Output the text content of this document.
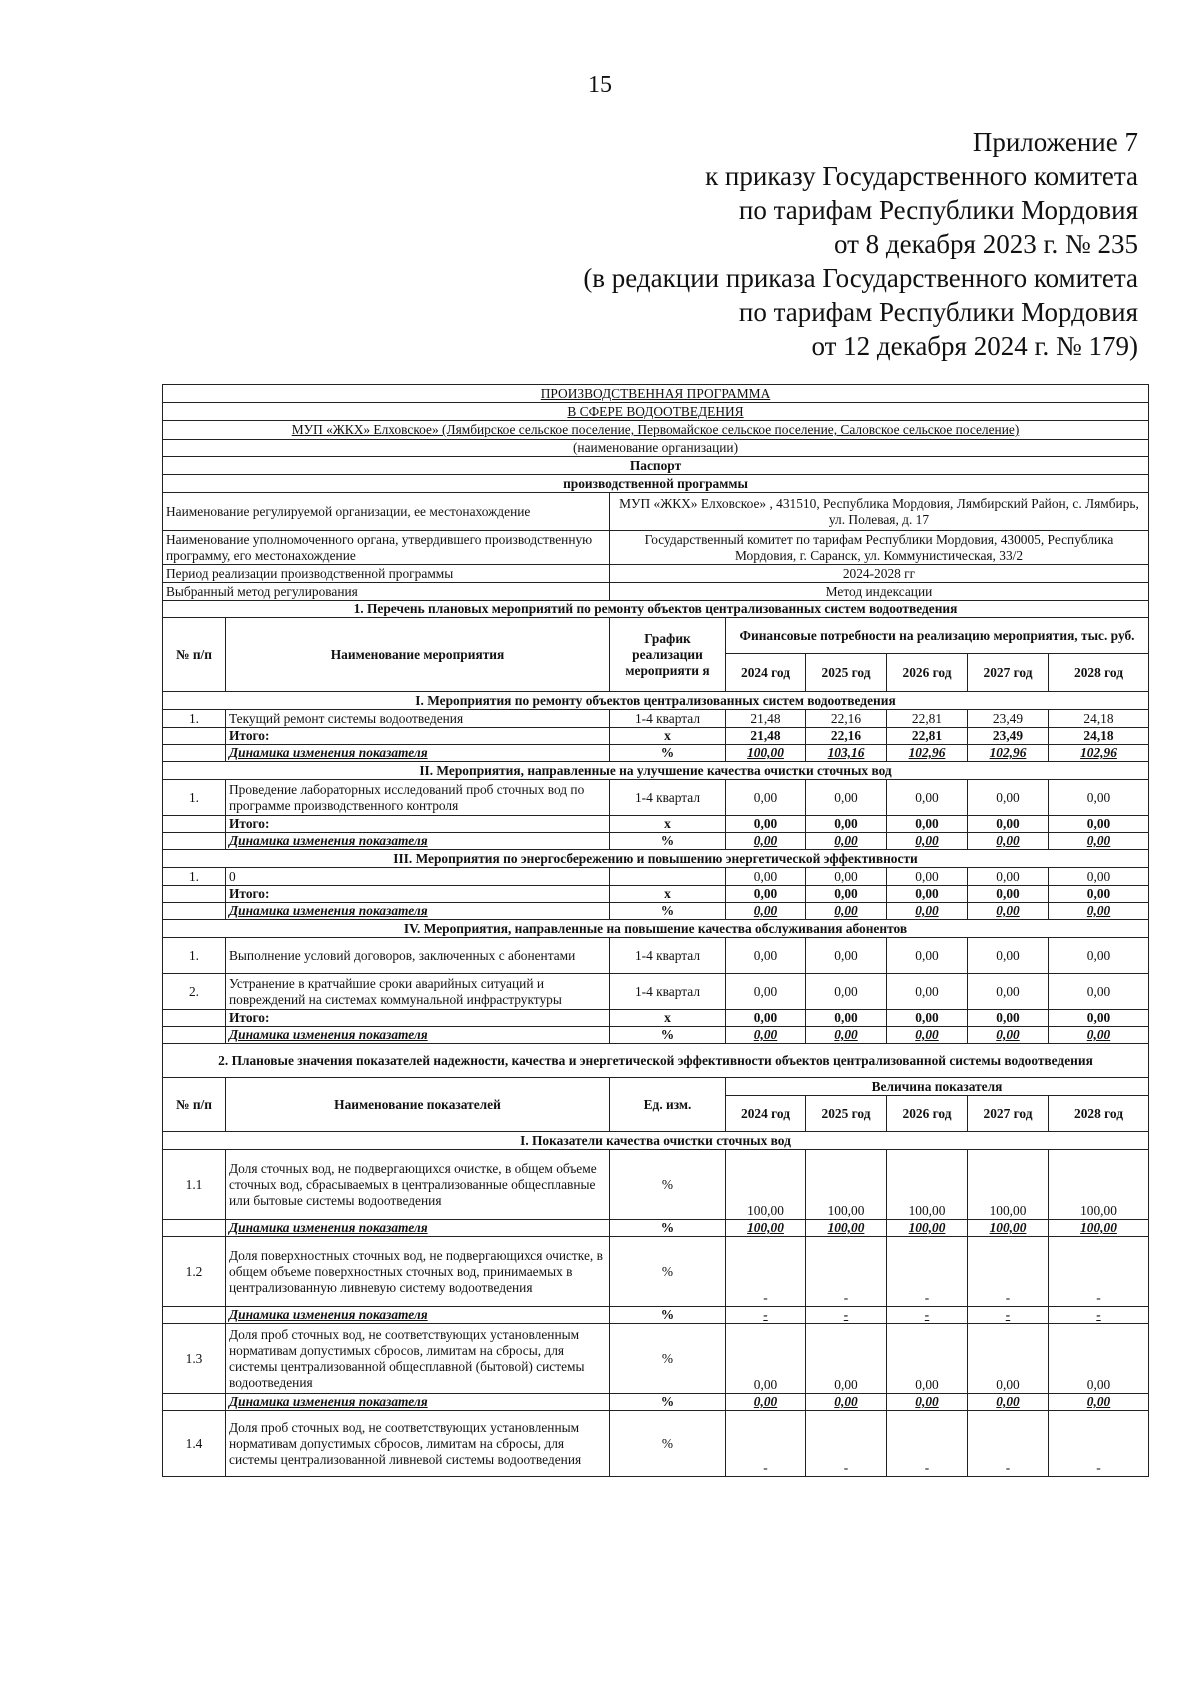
15
Приложение 7
к приказу Государственного комитета
по тарифам Республики Мордовия
от 8 декабря 2023 г. № 235
(в редакции приказа Государственного комитета
по тарифам Республики Мордовия
от 12 декабря 2024 г. № 179)
ПРОИЗВОДСТВЕННАЯ ПРОГРАММА							
В СФЕРЕ ВОДООТВЕДЕНИЯ							
МУП «ЖКХ» Елховское» (Лямбирское сельское поселение, Первомайское сельское поселение, Саловское сельское поселение)							
(наименование организации)							
Паспорт							
производственной программы							
Наименование регулируемой организации, ее местонахождение		МУП «ЖКХ» Елховское» , 431510, Республика Мордовия, Лямбирский Район, с. Лямбирь, ул. Полевая, д. 17					
Наименование уполномоченного органа, утвердившего производственную программу, его местонахождение		Государственный комитет по тарифам Республики Мордовия, 430005, Республика Мордовия, г. Саранск, ул. Коммунистическая, 33/2					
Период реализации производственной программы		2024-2028 гг					
Выбранный метод регулирования		Метод индексации					
1. Перечень плановых мероприятий по ремонту объектов централизованных систем водоотведения							
№ п/п	Наименование мероприятия	График реализации мероприяти я	Финансовые потребности на реализацию мероприятия, тыс. руб.				
			2024 год	2025 год	2026 год	2027 год	2028 год
I. Мероприятия по ремонту объектов централизованных систем водоотведения							
1.	Текущий ремонт системы водоотведения	1-4 квартал	21,48	22,16	22,81	23,49	24,18
	Итого:	x	21,48	22,16	22,81	23,49	24,18
	Динамика изменения показателя	%	100,00	103,16	102,96	102,96	102,96
II. Мероприятия, направленные на улучшение качества очистки сточных вод							
1.	Проведение лабораторных исследований проб сточных вод по программе производственного контроля	1-4 квартал	0,00	0,00	0,00	0,00	0,00
	Итого:	x	0,00	0,00	0,00	0,00	0,00
	Динамика изменения показателя	%	0,00	0,00	0,00	0,00	0,00
III. Мероприятия по энергосбережению и повышению энергетической эффективности							
1.	0		0,00	0,00	0,00	0,00	0,00
	Итого:	x	0,00	0,00	0,00	0,00	0,00
	Динамика изменения показателя	%	0,00	0,00	0,00	0,00	0,00
IV. Мероприятия, направленные на повышение качества обслуживания абонентов							
1.	Выполнение условий договоров, заключенных с абонентами	1-4 квартал	0,00	0,00	0,00	0,00	0,00
2.	Устранение в кратчайшие сроки аварийных ситуаций и повреждений на системах коммунальной инфраструктуры	1-4 квартал	0,00	0,00	0,00	0,00	0,00
	Итого:	x	0,00	0,00	0,00	0,00	0,00
	Динамика изменения показателя	%	0,00	0,00	0,00	0,00	0,00
2. Плановые значения показателей надежности, качества и энергетической эффективности объектов централизованной системы водоотведения							
№ п/п	Наименование показателей	Ед. изм.	Величина показателя				
			2024 год	2025 год	2026 год	2027 год	2028 год
I. Показатели качества очистки сточных вод							
1.1	Доля сточных вод, не подвергающихся очистке, в общем объеме сточных вод, сбрасываемых в централизованные общесплавные или бытовые системы водоотведения	%	100,00	100,00	100,00	100,00	100,00
	Динамика изменения показателя	%	100,00	100,00	100,00	100,00	100,00
1.2	Доля поверхностных сточных вод, не подвергающихся очистке, в общем объеме поверхностных сточных вод, принимаемых в централизованную ливневую систему водоотведения	%	-	-	-	-	-
	Динамика изменения показателя	%	-	-	-	-	-
1.3	Доля проб сточных вод, не соответствующих установленным нормативам допустимых сбросов, лимитам на сбросы, для системы централизованной общесплавной (бытовой) системы водоотведения	%	0,00	0,00	0,00	0,00	0,00
	Динамика изменения показателя	%	0,00	0,00	0,00	0,00	0,00
1.4	Доля проб сточных вод, не соответствующих установленным нормативам допустимых сбросов, лимитам на сбросы, для системы централизованной ливневой системы водоотведения	%	-	-	-	-	-
